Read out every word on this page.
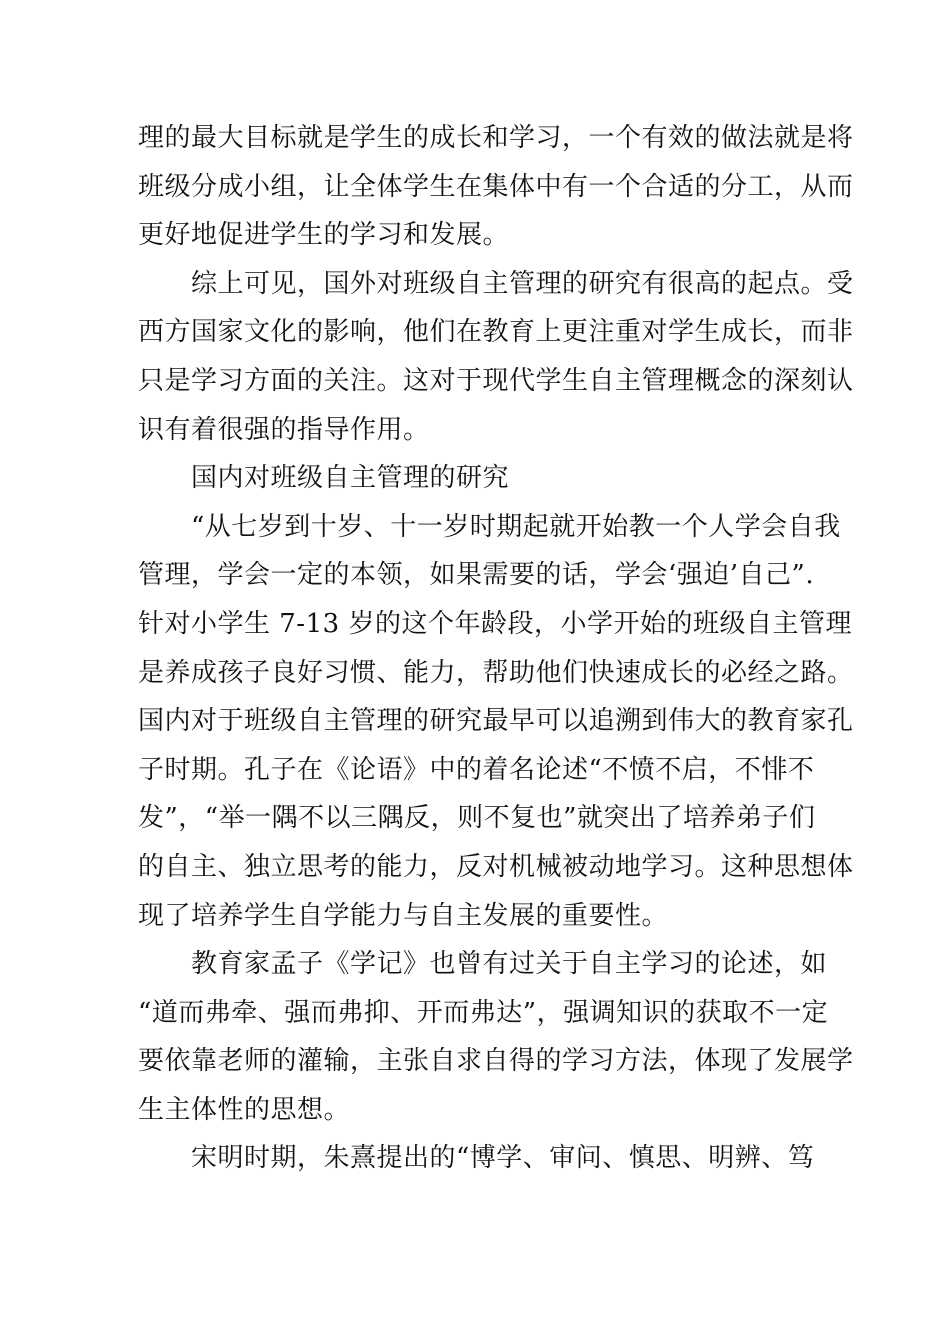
理的最大目标就是学生的成长和学习，一个有效的做法就是将
班级分成小组，让全体学生在集体中有一个合适的分工，从而
更好地促进学生的学习和发展。
　　综上可见，国外对班级自主管理的研究有很高的起点。受
西方国家文化的影响，他们在教育上更注重对学生成长，而非
只是学习方面的关注。这对于现代学生自主管理概念的深刻认
识有着很强的指导作用。
　　国内对班级自主管理的研究
　　“从七岁到十岁、十一岁时期起就开始教一个人学会自我
管理，学会一定的本领，如果需要的话，学会‘强迫’自己”.
针对小学生 7-13 岁的这个年龄段，小学开始的班级自主管理
是养成孩子良好习惯、能力，帮助他们快速成长的必经之路。
国内对于班级自主管理的研究最早可以追溯到伟大的教育家孔
子时期。孔子在《论语》中的着名论述“不愤不启，不悱不
发”，“举一隅不以三隅反，则不复也”就突出了培养弟子们
的自主、独立思考的能力，反对机械被动地学习。这种思想体
现了培养学生自学能力与自主发展的重要性。
　　教育家孟子《学记》也曾有过关于自主学习的论述，如
“道而弗牵、强而弗抑、开而弗达”，强调知识的获取不一定
要依靠老师的灌输，主张自求自得的学习方法，体现了发展学
生主体性的思想。
　　宋明时期，朱熹提出的“博学、审问、慎思、明辨、笃
